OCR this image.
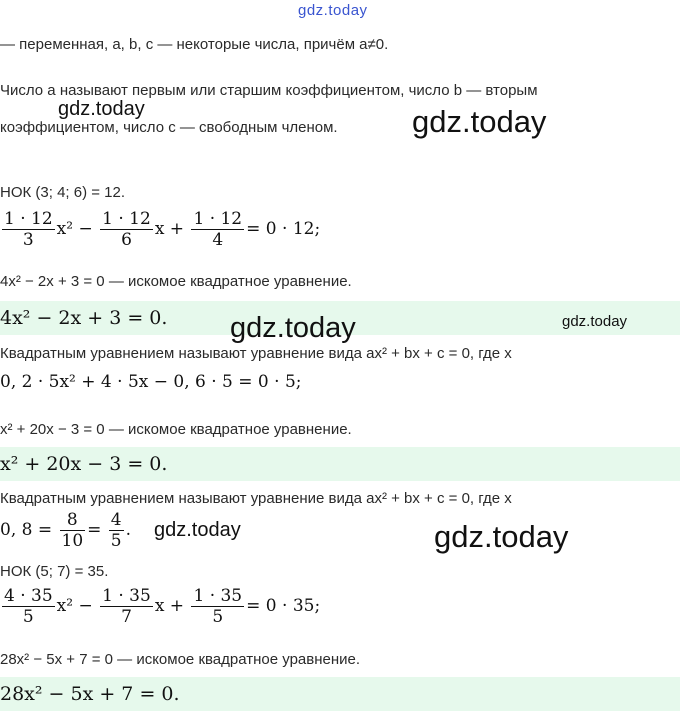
gdz.today
— переменная, a, b, c — некоторые числа, причём a≠0.
Число a называют первым или старшим коэффициентом, число b — вторым
gdz.today
коэффициентом, число c — свободным членом. gdz.today
НОК (3; 4; 6) = 12.
$\frac{1 \cdot 12}{3} x^2 - \frac{1 \cdot 12}{6}$ $x + \frac{1 \cdot 12}{4} = 0 \cdot 12$;
4x² − 2x + 3 = 0 — искомое квадратное уравнение.
4x² − 2x + 3 = 0. gdz.today	gdz.today
Квадратным уравнением называют уравнение вида ax² + bx + c = 0, где x
0, 2 · 5x² + 4 · 5x − 0, 6 · 5 = 0 · 5;
x² + 20x − 3 = 0 — искомое квадратное уравнение.
x² + 20x − 3 = 0.
Квадратным уравнением называют уравнение вида ax² + bx + c = 0, где x
0, $8 = \frac{8}{10} = \frac{4}{5}$ . gdz.today	gdz.today
НОК (5; 7) = 35.
$\frac{4 \cdot 35}{5} x^2 - \frac{1 \cdot 35}{7}$ $x + \frac{1 \cdot 35}{5} = 0 \cdot 35$;
28x² − 5x + 7 = 0 — искомое квадратное уравнение.
28x² − 5x + 7 = 0.
